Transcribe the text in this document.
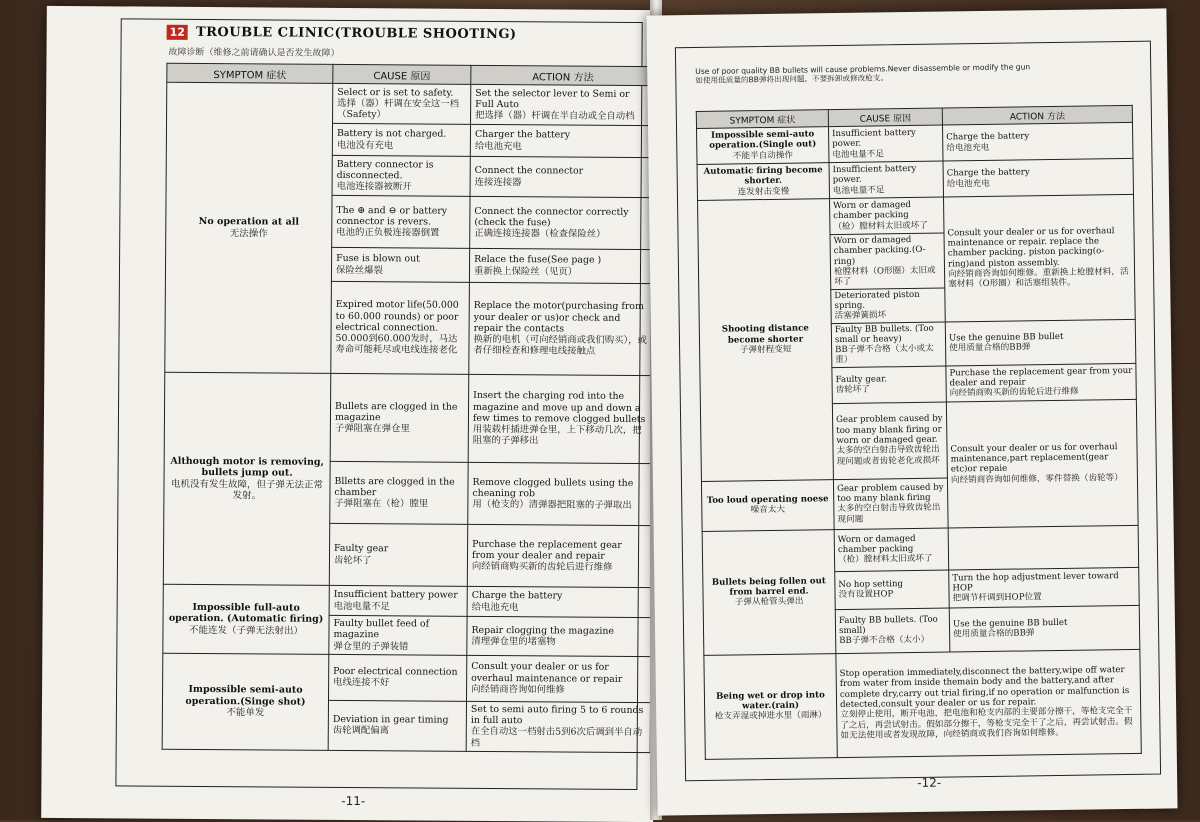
12 TROUBLE CLINIC(TROUBLE SHOOTING)
故障诊断（维修之前请确认是否发生故障）
SYMPTOM 症状	CAUSE 原因	ACTION 方法
No operation at all
无法操作	Select or is set to safety.
选择（器）杆调在安全这一档（Safety）	Set the selector lever to Semi or Full Auto
把选择（器）杆调在半自动或全自动档

	Battery is not charged.
电池没有充电	Charger the battery
给电池充电

	Battery connector is disconnected.
电池连接器被断开	Connect the connector
连接连接器

	The ⊕ and ⊖ or battery connector is revers.
电池的正负极连接器倒置	Connect the connector correctly (check the fuse)
正确连接连接器（检查保险丝）

	Fuse is blown out
保险丝爆裂	Relace the fuse(See page )
重新换上保险丝（见页）

	Expired motor life(50.000 to 60.000 rounds) or poor electrical connection.
50.000到60.000发时，马达寿命可能耗尽或电线连接老化	Replace the motor(purchasing from your dealer or us)or check and repair the contacts
换新的电机（可向经销商或我们购买），或者仔细检查和修理电线接触点

Although motor is removing, bullets jump out.
电机没有发生故障，但子弹无法正常发射。	Bullets are clogged in the magazine
子弹阻塞在弹仓里	Insert the charging rod into the magazine and move up and down a few times to remove clogged bullets
用装载杆插进弹仓里，上下移动几次，把阻塞的子弹移出

	Blletts are clogged in the chamber
子弹阻塞在（枪）膛里	Remove clogged bullets using the cheaning rob
用（枪支的）清弹器把阻塞的子弹取出

	Faulty gear
齿轮坏了	Purchase the replacement gear from your dealer and repair
向经销商购买新的齿轮后进行维修

Impossible full-auto operation. (Automatic firing)
不能连发（子弹无法射出）	Insufficient battery power
电池电量不足	Charge the battery
给电池充电

	Faulty bullet feed of magazine
弹仓里的子弹装错	Repair clogging the magazine
清理弹仓里的堵塞物

Impossible semi-auto operation.(Singe shot)
不能单发	Poor electrical connection
电线连接不好	Consult your dealer or us for overhaul maintenance or repair
向经销商咨询如何维修

	Deviation in gear timing
齿轮调配偏离	Set to semi auto firing 5 to 6 rounds in full auto
在全自动这一档射击5到6次后调到半自动档
-11-
Use of poor quality BB bullets will cause problems.Never disassemble or modify the gun
如使用低质量的BB弹将出现问题。不要拆卸或修改枪支。
SYMPTOM 症状	CAUSE 原因	ACTION 方法
Impossible semi-auto operation.(Single out)
不能半自动操作	Insufficient battery power.
电池电量不足	Charge the battery
给电池充电

Automatic firing become shorter.
连发射击变慢	Insufficient battery power.
电池电量不足	Charge the battery
给电池充电

Shooting distance become shorter
子弹射程变短	Worn or damaged chamber packing
（枪）膛材料太旧或坏了	Consult your dealer or us for overhaul maintenance or repair. replace the chamber packing. piston packing(o-ring)and piston assembly.
向经销商咨询如何维修。重新换上枪膛材料，活塞材料（O形圈）和活塞组装件。

	Worn or damaged chamber packing.(O-ring)
枪膛材料（O形圈）太旧或坏了	

	Deteriorated piston spring.
活塞弹簧损坏	

	Faulty BB bullets. (Too small or heavy)
BB子弹不合格（太小或太重）	Use the genuine BB bullet
使用质量合格的BB弹

	Faulty gear.
齿轮坏了	Purchase the replacement gear from your dealer and repair
向经销商购买新的齿轮后进行维修

	Gear problem caused by too many blank firing or worn or damaged gear.
太多的空白射击导致齿轮出现问题或者齿轮老化或损坏	Consult your dealer or us for overhaul maintenance,part replacement(gear etc)or repaie
向经销商咨询如何维修，零件替换（齿轮等）

Too loud operating noese
噪音太大	Gear problem caused by too many blank firing
太多的空白射击导致齿轮出现问题	

Bullets being follen out from barrel end.
子弹从枪管头弹出	Worn or damaged chamber packing
（枪）膛材料太旧或坏了	

	No hop setting
没有设置HOP	Turn the hop adjustment lever toward HOP
把调节杆调到HOP位置

	Faulty BB bullets. (Too small)
BB子弹不合格（太小）	Use the genuine BB bullet
使用质量合格的BB弹

Being wet or drop into water.(rain)
枪支弄湿或掉进水里（雨淋）	Stop operation immediately,disconnect the battery,wipe off water from water from inside themain body and the battery,and after complete dry,carry out trial firing,if no operation or malfunction is detected,consult your dealer or us for repair.
立刻停止使用，断开电池，把电池和枪支内部的主要部分擦干，等枪支完全干了之后，再尝试射击。假如部分擦干，等枪支完全干了之后，再尝试射击。假如无法使用或者发现故障，向经销商或我们咨询如何维修。	
-12-
